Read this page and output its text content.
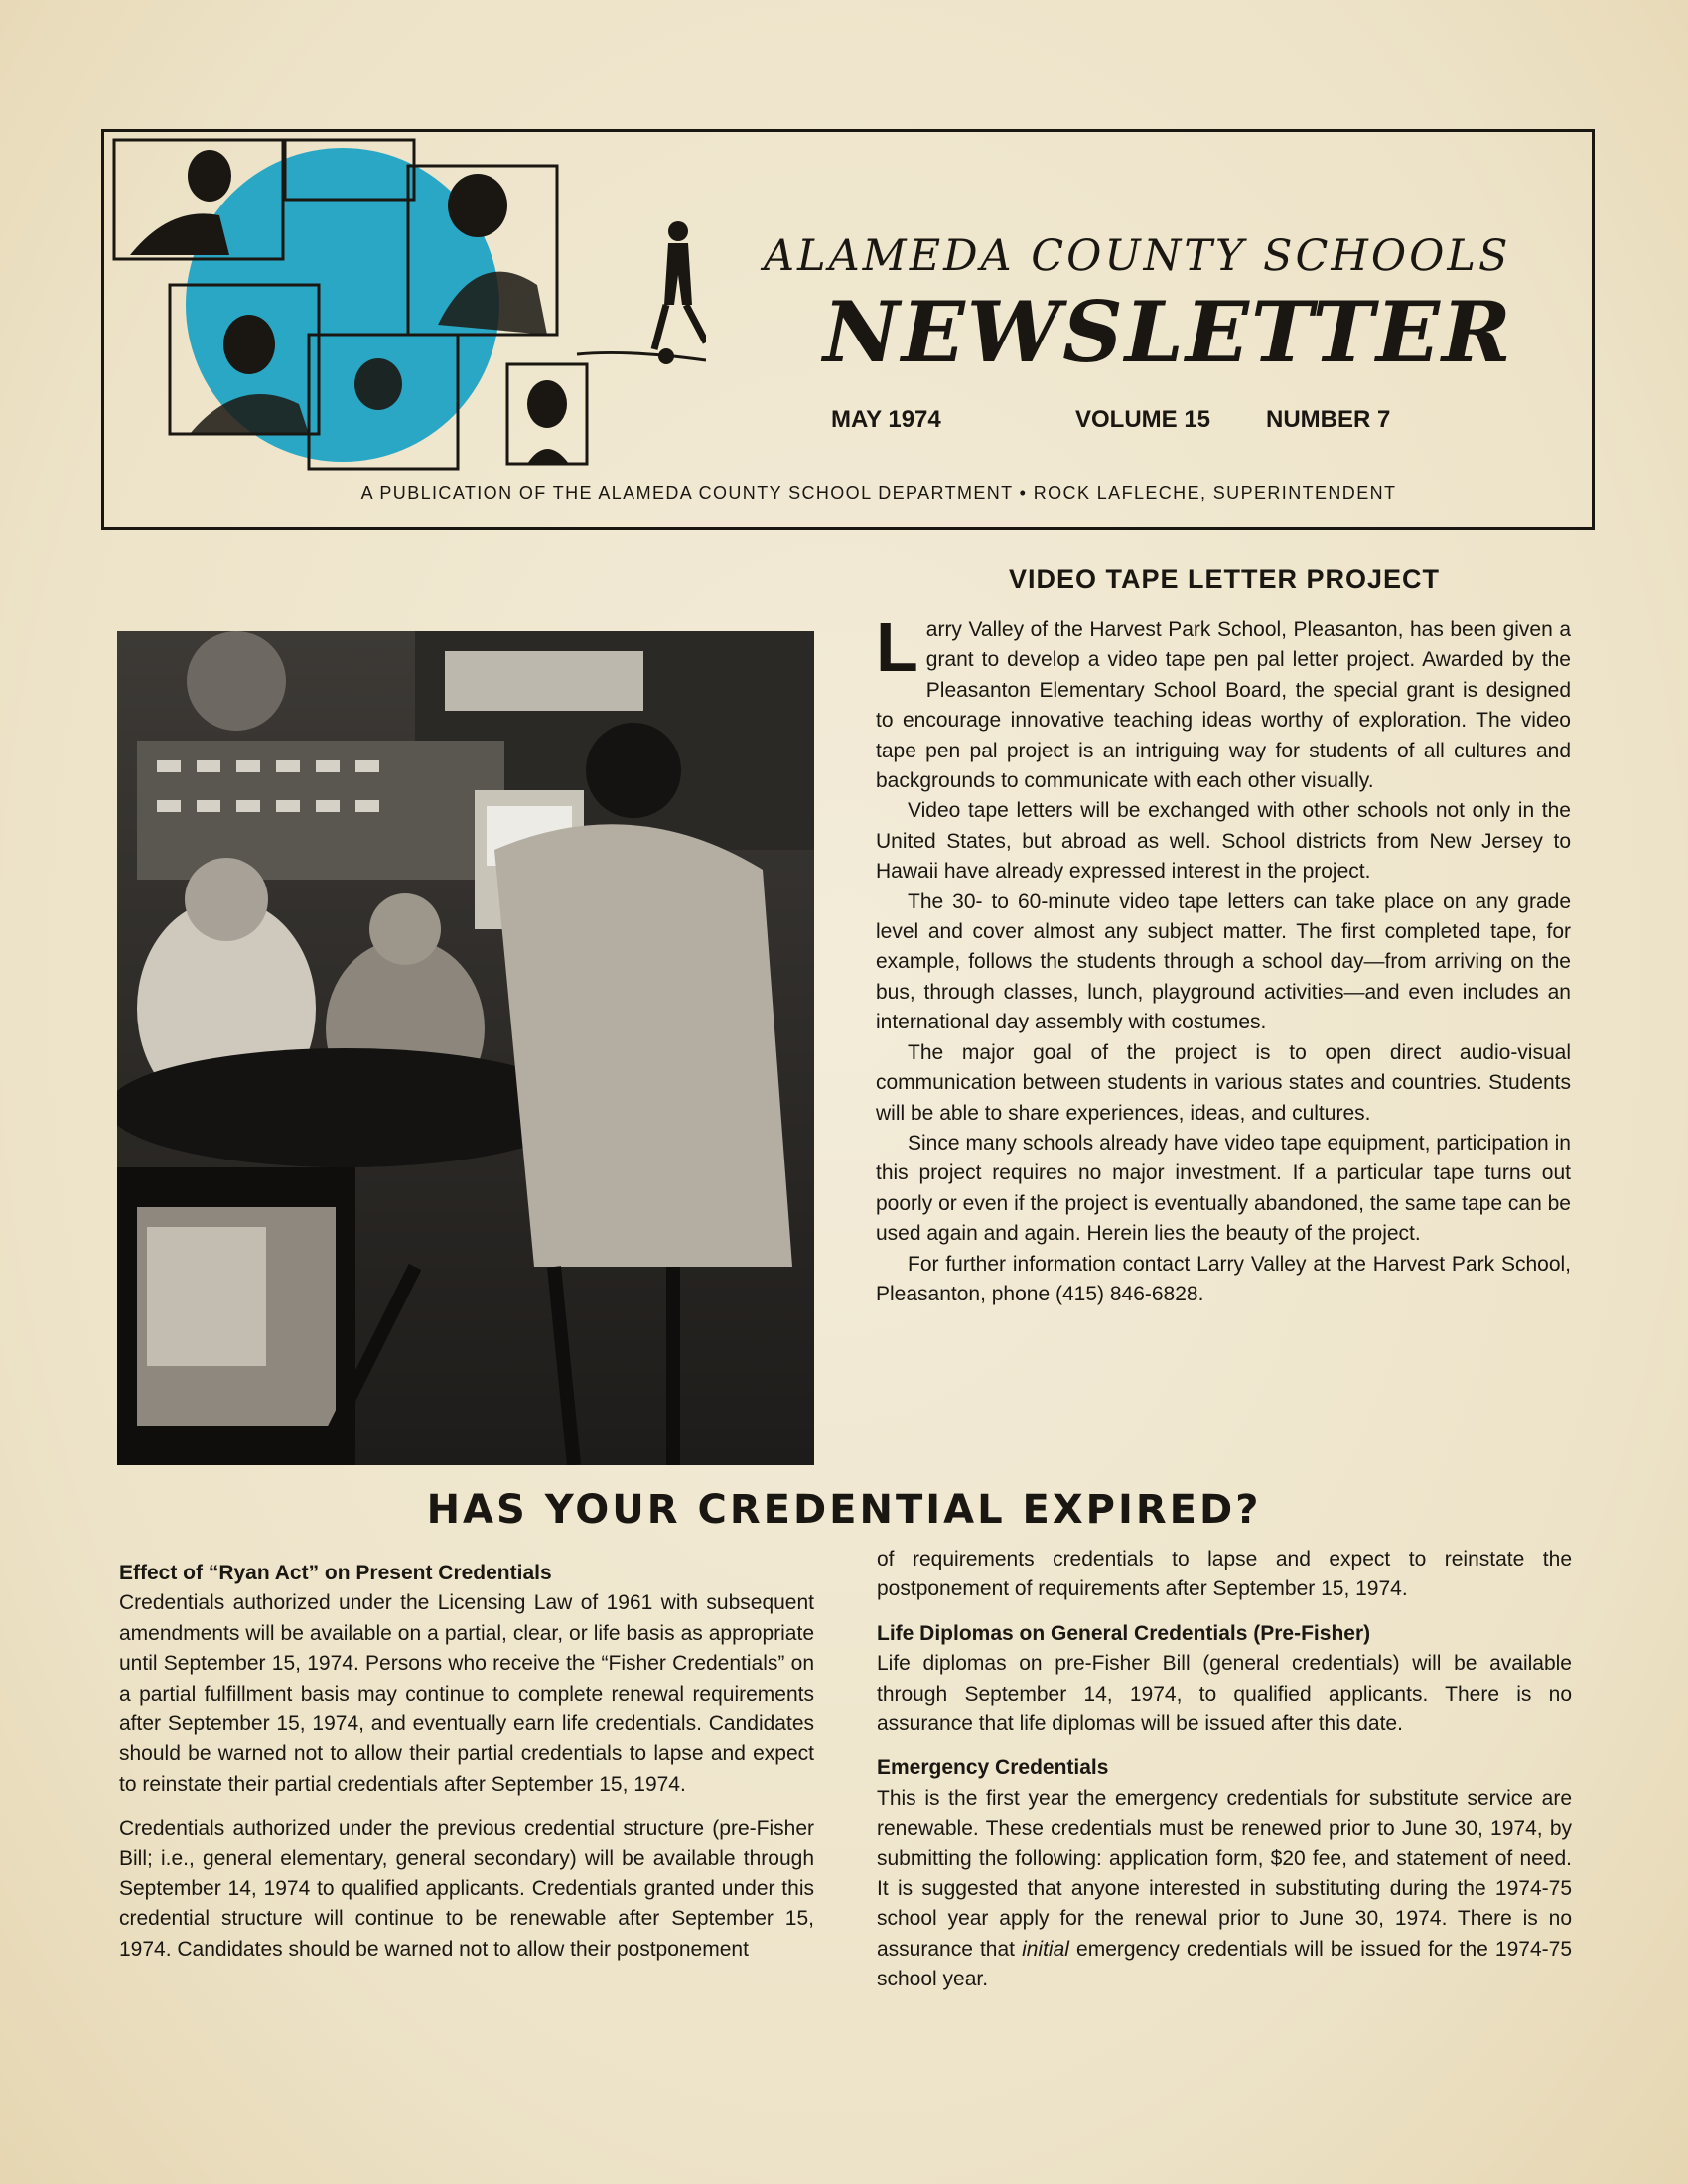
ALAMEDA COUNTY SCHOOLS
NEWSLETTER
MAY 1974	VOLUME 15 NUMBER 7
A PUBLICATION OF THE ALAMEDA COUNTY SCHOOL DEPARTMENT • ROCK LAFLECHE, SUPERINTENDENT
VIDEO TAPE LETTER PROJECT

Larry Valley of the Harvest Park School, Pleasanton, has been given a grant to develop a video tape pen pal letter project. Awarded by the Pleasanton Elementary School Board, the special grant is designed to encourage innovative teaching ideas worthy of exploration. The video tape pen pal project is an intriguing way for students of all cultures and backgrounds to communicate with each other visually.

Video tape letters will be exchanged with other schools not only in the United States, but abroad as well. School districts from New Jersey to Hawaii have already expressed interest in the project.

The 30- to 60-minute video tape letters can take place on any grade level and cover almost any subject matter. The first completed tape, for example, follows the students through a school day—from arriving on the bus, through classes, lunch, playground activities—and even includes an international day assembly with costumes.

The major goal of the project is to open direct audio-visual communication between students in various states and countries. Students will be able to share experiences, ideas, and cultures.

Since many schools already have video tape equipment, participation in this project requires no major investment. If a particular tape turns out poorly or even if the project is eventually abandoned, the same tape can be used again and again. Herein lies the beauty of the project.

For further information contact Larry Valley at the Harvest Park School, Pleasanton, phone (415) 846-6828.

HAS YOUR CREDENTIAL EXPIRED?

Effect of “Ryan Act” on Present Credentials

Credentials authorized under the Licensing Law of 1961 with subsequent amendments will be available on a partial, clear, or life basis as appropriate until September 15, 1974. Persons who receive the “Fisher Credentials” on a partial fulfillment basis may continue to complete renewal requirements after September 15, 1974, and eventually earn life credentials. Candidates should be warned not to allow their partial credentials to lapse and expect to reinstate their partial credentials after September 15, 1974.

Credentials authorized under the previous credential structure (pre-Fisher Bill; i.e., general elementary, general secondary) will be available through September 14, 1974 to qualified applicants. Credentials granted under this credential structure will continue to be renewable after September 15, 1974. Candidates should be warned not to allow their postponement

of requirements credentials to lapse and expect to reinstate the postponement of requirements after September 15, 1974.

Life Diplomas on General Credentials (Pre-Fisher)

Life diplomas on pre-Fisher Bill (general credentials) will be available through September 14, 1974, to qualified applicants. There is no assurance that life diplomas will be issued after this date.

Emergency Credentials

This is the first year the emergency credentials for substitute service are renewable. These credentials must be renewed prior to June 30, 1974, by submitting the following: application form, $20 fee, and statement of need. It is suggested that anyone interested in substituting during the 1974-75 school year apply for the renewal prior to June 30, 1974. There is no assurance that initial emergency credentials will be issued for the 1974-75 school year.
